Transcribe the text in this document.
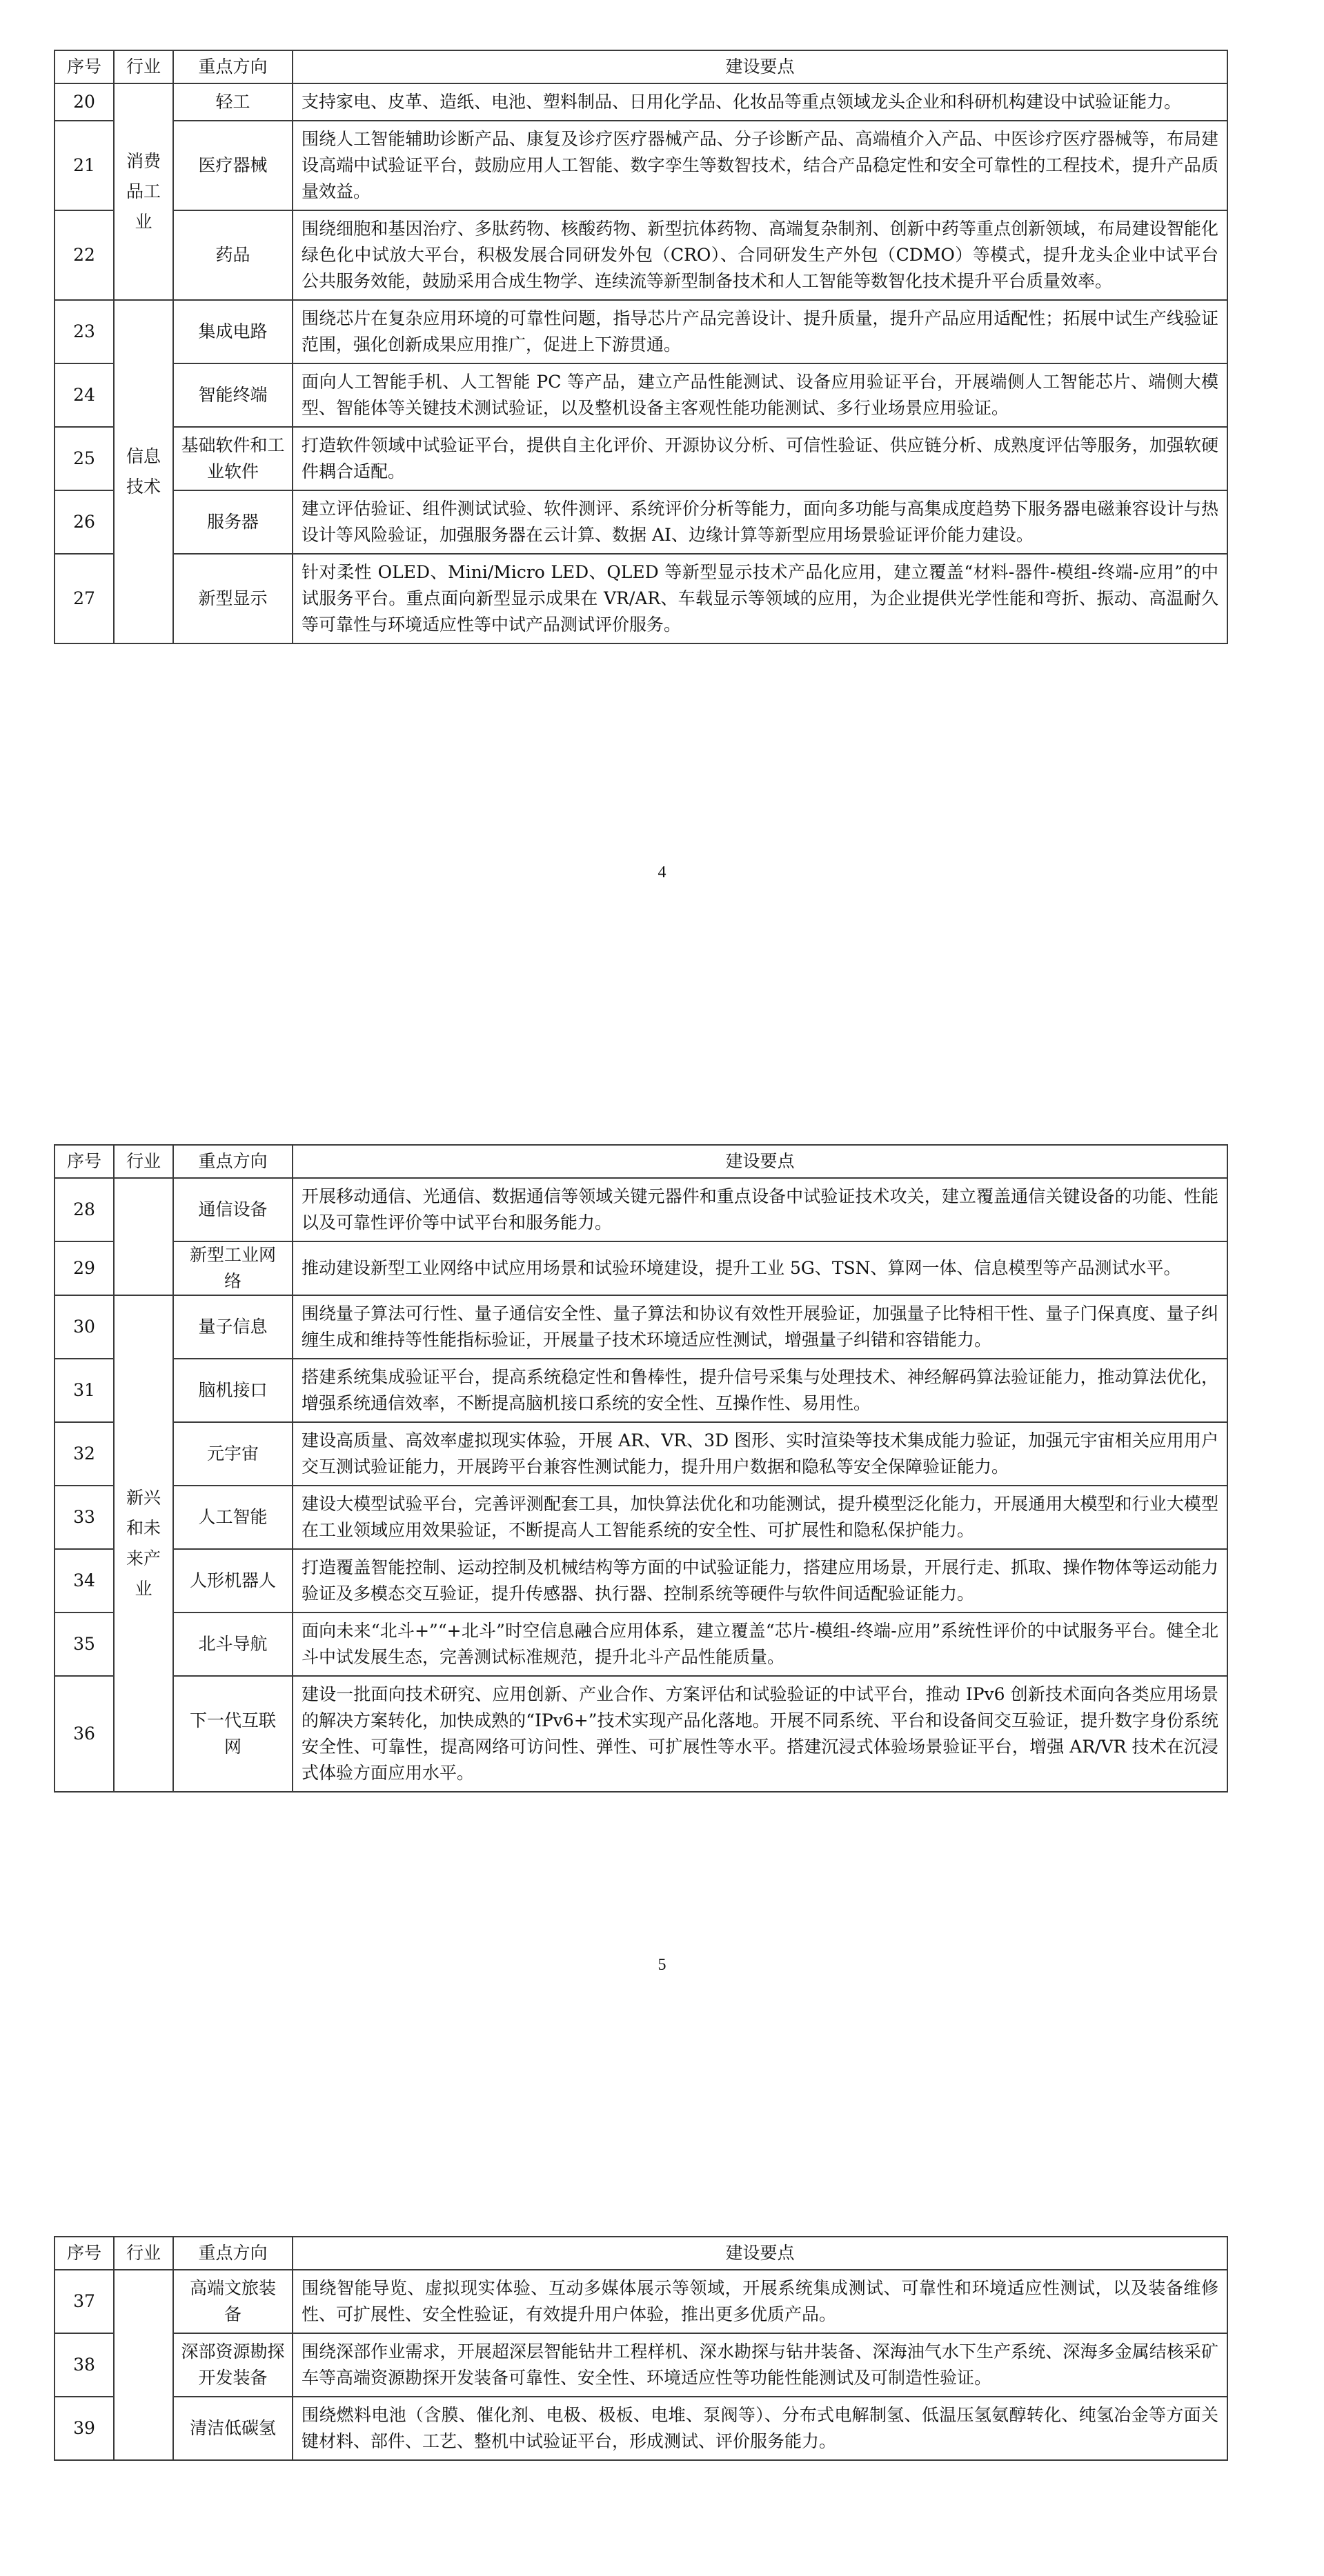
序号	行业	重点方向	建设要点
20	消费品工业	轻工	支持家电、皮革、造纸、电池、塑料制品、日用化学品、化妆品等重点领域龙头企业和科研机构建设中试验证能力。
21		医疗器械	围绕人工智能辅助诊断产品、康复及诊疗医疗器械产品、分子诊断产品、高端植介入产品、中医诊疗医疗器械等，布局建设高端中试验证平台，鼓励应用人工智能、数字孪生等数智技术，结合产品稳定性和安全可靠性的工程技术，提升产品质量效益。
22		药品	围绕细胞和基因治疗、多肽药物、核酸药物、新型抗体药物、高端复杂制剂、创新中药等重点创新领域，布局建设智能化绿色化中试放大平台，积极发展合同研发外包（CRO）、合同研发生产外包（CDMO）等模式，提升龙头企业中试平台公共服务效能，鼓励采用合成生物学、连续流等新型制备技术和人工智能等数智化技术提升平台质量效率。
23	信息技术	集成电路	围绕芯片在复杂应用环境的可靠性问题，指导芯片产品完善设计、提升质量，提升产品应用适配性；拓展中试生产线验证范围，强化创新成果应用推广，促进上下游贯通。
24		智能终端	面向人工智能手机、人工智能 PC 等产品，建立产品性能测试、设备应用验证平台，开展端侧人工智能芯片、端侧大模型、智能体等关键技术测试验证，以及整机设备主客观性能功能测试、多行业场景应用验证。
25		基础软件和工业软件	打造软件领域中试验证平台，提供自主化评价、开源协议分析、可信性验证、供应链分析、成熟度评估等服务，加强软硬件耦合适配。
26		服务器	建立评估验证、组件测试试验、软件测评、系统评价分析等能力，面向多功能与高集成度趋势下服务器电磁兼容设计与热设计等风险验证，加强服务器在云计算、数据 AI、边缘计算等新型应用场景验证评价能力建设。
27		新型显示	针对柔性 OLED、Mini/Micro LED、QLED 等新型显示技术产品化应用，建立覆盖“材料-器件-模组-终端-应用”的中试服务平台。重点面向新型显示成果在 VR/AR、车载显示等领域的应用，为企业提供光学性能和弯折、振动、高温耐久等可靠性与环境适应性等中试产品测试评价服务。
4
序号	行业	重点方向	建设要点
28		通信设备	开展移动通信、光通信、数据通信等领域关键元器件和重点设备中试验证技术攻关，建立覆盖通信关键设备的功能、性能以及可靠性评价等中试平台和服务能力。
29		新型工业网络	推动建设新型工业网络中试应用场景和试验环境建设，提升工业 5G、TSN、算网一体、信息模型等产品测试水平。
30	新兴和未来产业	量子信息	围绕量子算法可行性、量子通信安全性、量子算法和协议有效性开展验证，加强量子比特相干性、量子门保真度、量子纠缠生成和维持等性能指标验证，开展量子技术环境适应性测试，增强量子纠错和容错能力。
31		脑机接口	搭建系统集成验证平台，提高系统稳定性和鲁棒性，提升信号采集与处理技术、神经解码算法验证能力，推动算法优化，增强系统通信效率，不断提高脑机接口系统的安全性、互操作性、易用性。
32		元宇宙	建设高质量、高效率虚拟现实体验，开展 AR、VR、3D 图形、实时渲染等技术集成能力验证，加强元宇宙相关应用用户交互测试验证能力，开展跨平台兼容性测试能力，提升用户数据和隐私等安全保障验证能力。
33		人工智能	建设大模型试验平台，完善评测配套工具，加快算法优化和功能测试，提升模型泛化能力，开展通用大模型和行业大模型在工业领域应用效果验证，不断提高人工智能系统的安全性、可扩展性和隐私保护能力。
34		人形机器人	打造覆盖智能控制、运动控制及机械结构等方面的中试验证能力，搭建应用场景，开展行走、抓取、操作物体等运动能力验证及多模态交互验证，提升传感器、执行器、控制系统等硬件与软件间适配验证能力。
35		北斗导航	面向未来“北斗+”“+北斗”时空信息融合应用体系，建立覆盖“芯片-模组-终端-应用”系统性评价的中试服务平台。健全北斗中试发展生态，完善测试标准规范，提升北斗产品性能质量。
36		下一代互联网	建设一批面向技术研究、应用创新、产业合作、方案评估和试验验证的中试平台，推动 IPv6 创新技术面向各类应用场景的解决方案转化，加快成熟的“IPv6+”技术实现产品化落地。开展不同系统、平台和设备间交互验证，提升数字身份系统安全性、可靠性，提高网络可访问性、弹性、可扩展性等水平。搭建沉浸式体验场景验证平台，增强 AR/VR 技术在沉浸式体验方面应用水平。
5
序号	行业	重点方向	建设要点
37		高端文旅装备	围绕智能导览、虚拟现实体验、互动多媒体展示等领域，开展系统集成测试、可靠性和环境适应性测试，以及装备维修性、可扩展性、安全性验证，有效提升用户体验，推出更多优质产品。
38		深部资源勘探开发装备	围绕深部作业需求，开展超深层智能钻井工程样机、深水勘探与钻井装备、深海油气水下生产系统、深海多金属结核采矿车等高端资源勘探开发装备可靠性、安全性、环境适应性等功能性能测试及可制造性验证。
39		清洁低碳氢	围绕燃料电池（含膜、催化剂、电极、极板、电堆、泵阀等）、分布式电解制氢、低温压氢氨醇转化、纯氢冶金等方面关键材料、部件、工艺、整机中试验证平台，形成测试、评价服务能力。
